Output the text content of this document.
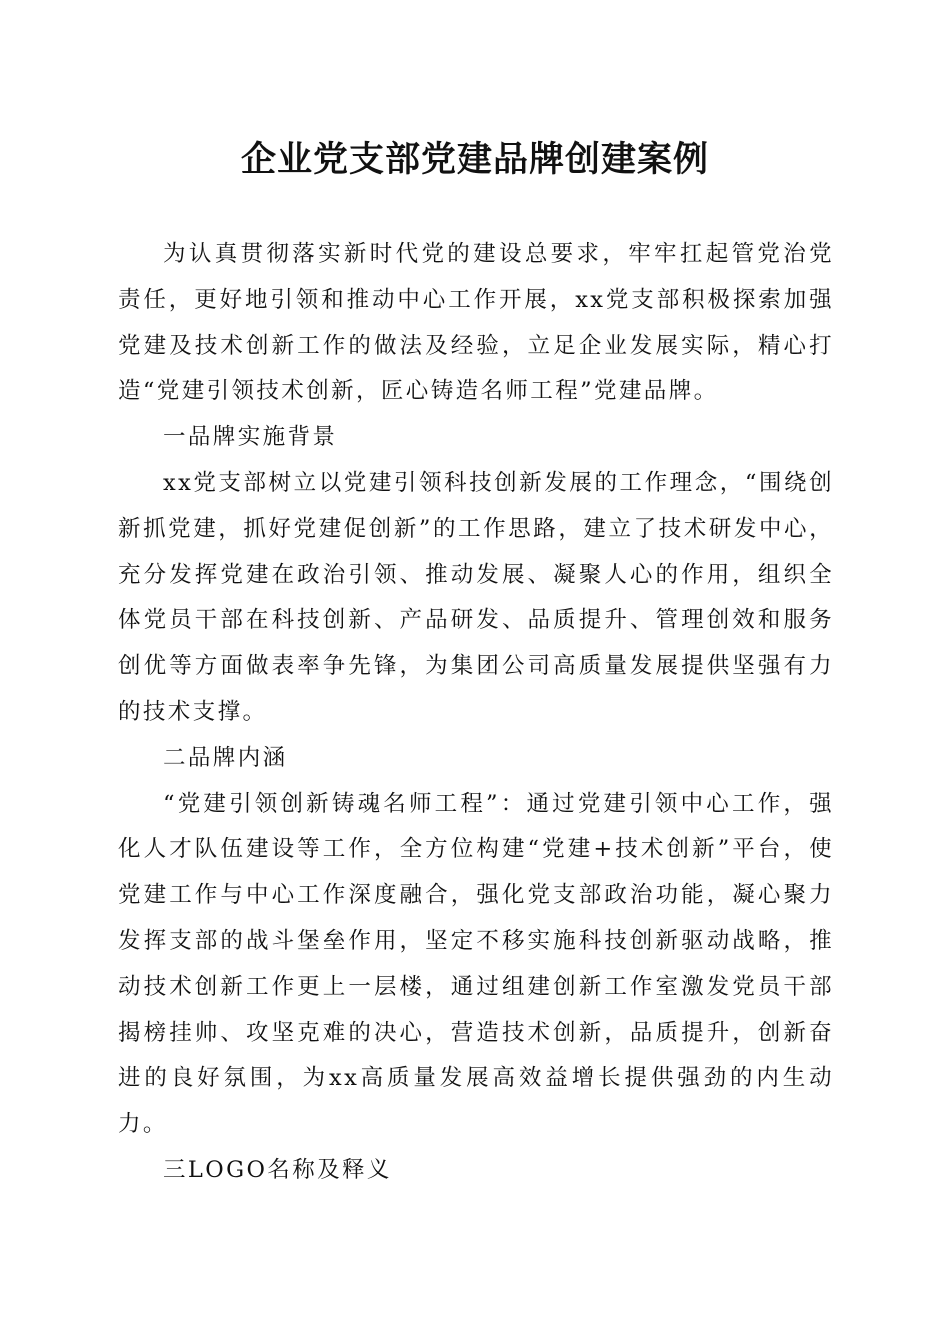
企业党支部党建品牌创建案例

为认真贯彻落实新时代党的建设总要求，牢牢扛起管党治党责任，更好地引领和推动中心工作开展，xx党支部积极探索加强党建及技术创新工作的做法及经验，立足企业发展实际，精心打造“党建引领技术创新，匠心铸造名师工程”党建品牌。

一品牌实施背景

xx党支部树立以党建引领科技创新发展的工作理念，“围绕创新抓党建，抓好党建促创新”的工作思路，建立了技术研发中心，充分发挥党建在政治引领、推动发展、凝聚人心的作用，组织全体党员干部在科技创新、产品研发、品质提升、管理创效和服务创优等方面做表率争先锋，为集团公司高质量发展提供坚强有力的技术支撑。

二品牌内涵

“党建引领创新铸魂名师工程”：通过党建引领中心工作，强化人才队伍建设等工作，全方位构建“党建+技术创新”平台，使党建工作与中心工作深度融合，强化党支部政治功能，凝心聚力发挥支部的战斗堡垒作用，坚定不移实施科技创新驱动战略，推动技术创新工作更上一层楼，通过组建创新工作室激发党员干部揭榜挂帅、攻坚克难的决心，营造技术创新，品质提升，创新奋进的良好氛围，为xx高质量发展高效益增长提供强劲的内生动力。

三LOGO名称及释义
